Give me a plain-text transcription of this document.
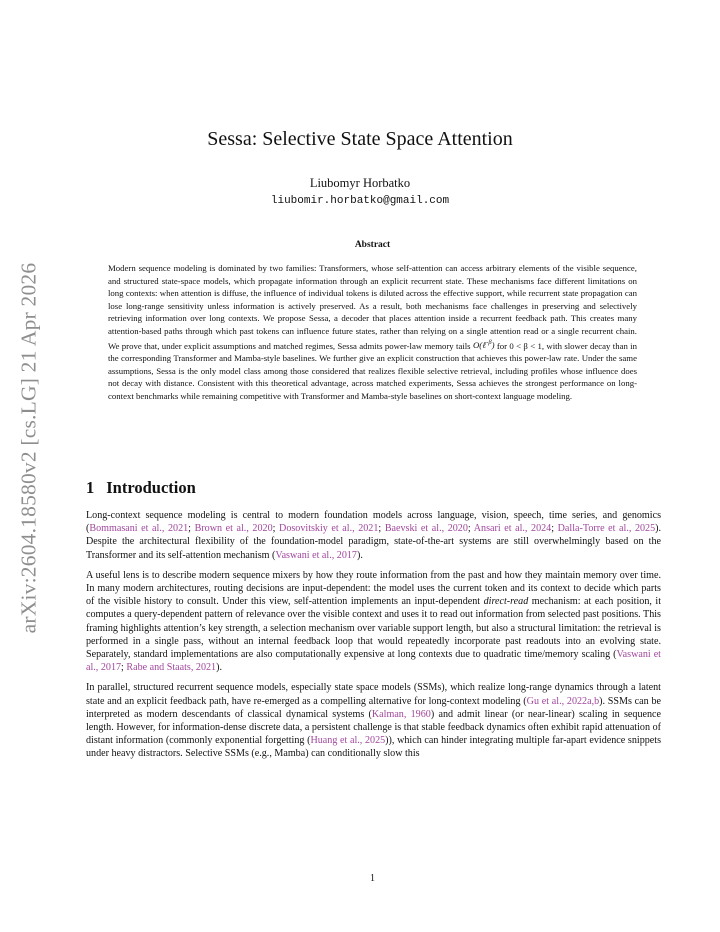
arXiv:2604.18580v2 [cs.LG] 21 Apr 2026
Sessa: Selective State Space Attention
Liubomyr Horbatko
liubomir.horbatko@gmail.com
Abstract
Modern sequence modeling is dominated by two families: Transformers, whose self-attention can access arbitrary elements of the visible sequence, and structured state-space models, which propagate information through an explicit recurrent state. These mechanisms face different limitations on long contexts: when attention is diffuse, the influence of individual tokens is diluted across the effective support, while recurrent state propagation can lose long-range sensitivity unless information is actively preserved. As a result, both mechanisms face challenges in preserving and selectively retrieving information over long contexts. We propose Sessa, a decoder that places attention inside a recurrent feedback path. This creates many attention-based paths through which past tokens can influence future states, rather than relying on a single attention read or a single recurrent chain. We prove that, under explicit assumptions and matched regimes, Sessa admits power-law memory tails O(ℓ$^{-\beta}$) for 0 < β < 1, with slower decay than in the corresponding Transformer and Mamba-style baselines. We further give an explicit construction that achieves this power-law rate. Under the same assumptions, Sessa is the only model class among those considered that realizes flexible selective retrieval, including profiles whose influence does not decay with distance. Consistent with this theoretical advantage, across matched experiments, Sessa achieves the strongest performance on long-context benchmarks while remaining competitive with Transformer and Mamba-style baselines on short-context language modeling.
1 Introduction

Long-context sequence modeling is central to modern foundation models across language, vision, speech, time series, and genomics (Bommasani et al., 2021; Brown et al., 2020; Dosovitskiy et al., 2021; Baevski et al., 2020; Ansari et al., 2024; Dalla-Torre et al., 2025). Despite the architectural flexibility of the foundation-model paradigm, state-of-the-art systems are still overwhelmingly based on the Transformer and its self-attention mechanism (Vaswani et al., 2017).

A useful lens is to describe modern sequence mixers by how they route information from the past and how they maintain memory over time. In many modern architectures, routing decisions are input-dependent: the model uses the current token and its context to decide which parts of the visible history to consult. Under this view, self-attention implements an input-dependent direct-read mechanism: at each position, it computes a query-dependent pattern of relevance over the visible context and uses it to read out information from selected past positions. This framing highlights attention’s key strength, a selection mechanism over variable support length, but also a structural limitation: the retrieval is performed in a single pass, without an internal feedback loop that would repeatedly incorporate past readouts into an evolving state. Separately, standard implementations are also computationally expensive at long contexts due to quadratic time/memory scaling (Vaswani et al., 2017; Rabe and Staats, 2021).

In parallel, structured recurrent sequence models, especially state space models (SSMs), which realize long-range dynamics through a latent state and an explicit feedback path, have re-emerged as a compelling alternative for long-context modeling (Gu et al., 2022a,b). SSMs can be interpreted as modern descendants of classical dynamical systems (Kalman, 1960) and admit linear (or near-linear) scaling in sequence length. However, for information-dense discrete data, a persistent challenge is that stable feedback dynamics often exhibit rapid attenuation of distant information (commonly exponential forgetting (Huang et al., 2025)), which can hinder integrating multiple far-apart evidence snippets under heavy distractors. Selective SSMs (e.g., Mamba) can conditionally slow this

1
